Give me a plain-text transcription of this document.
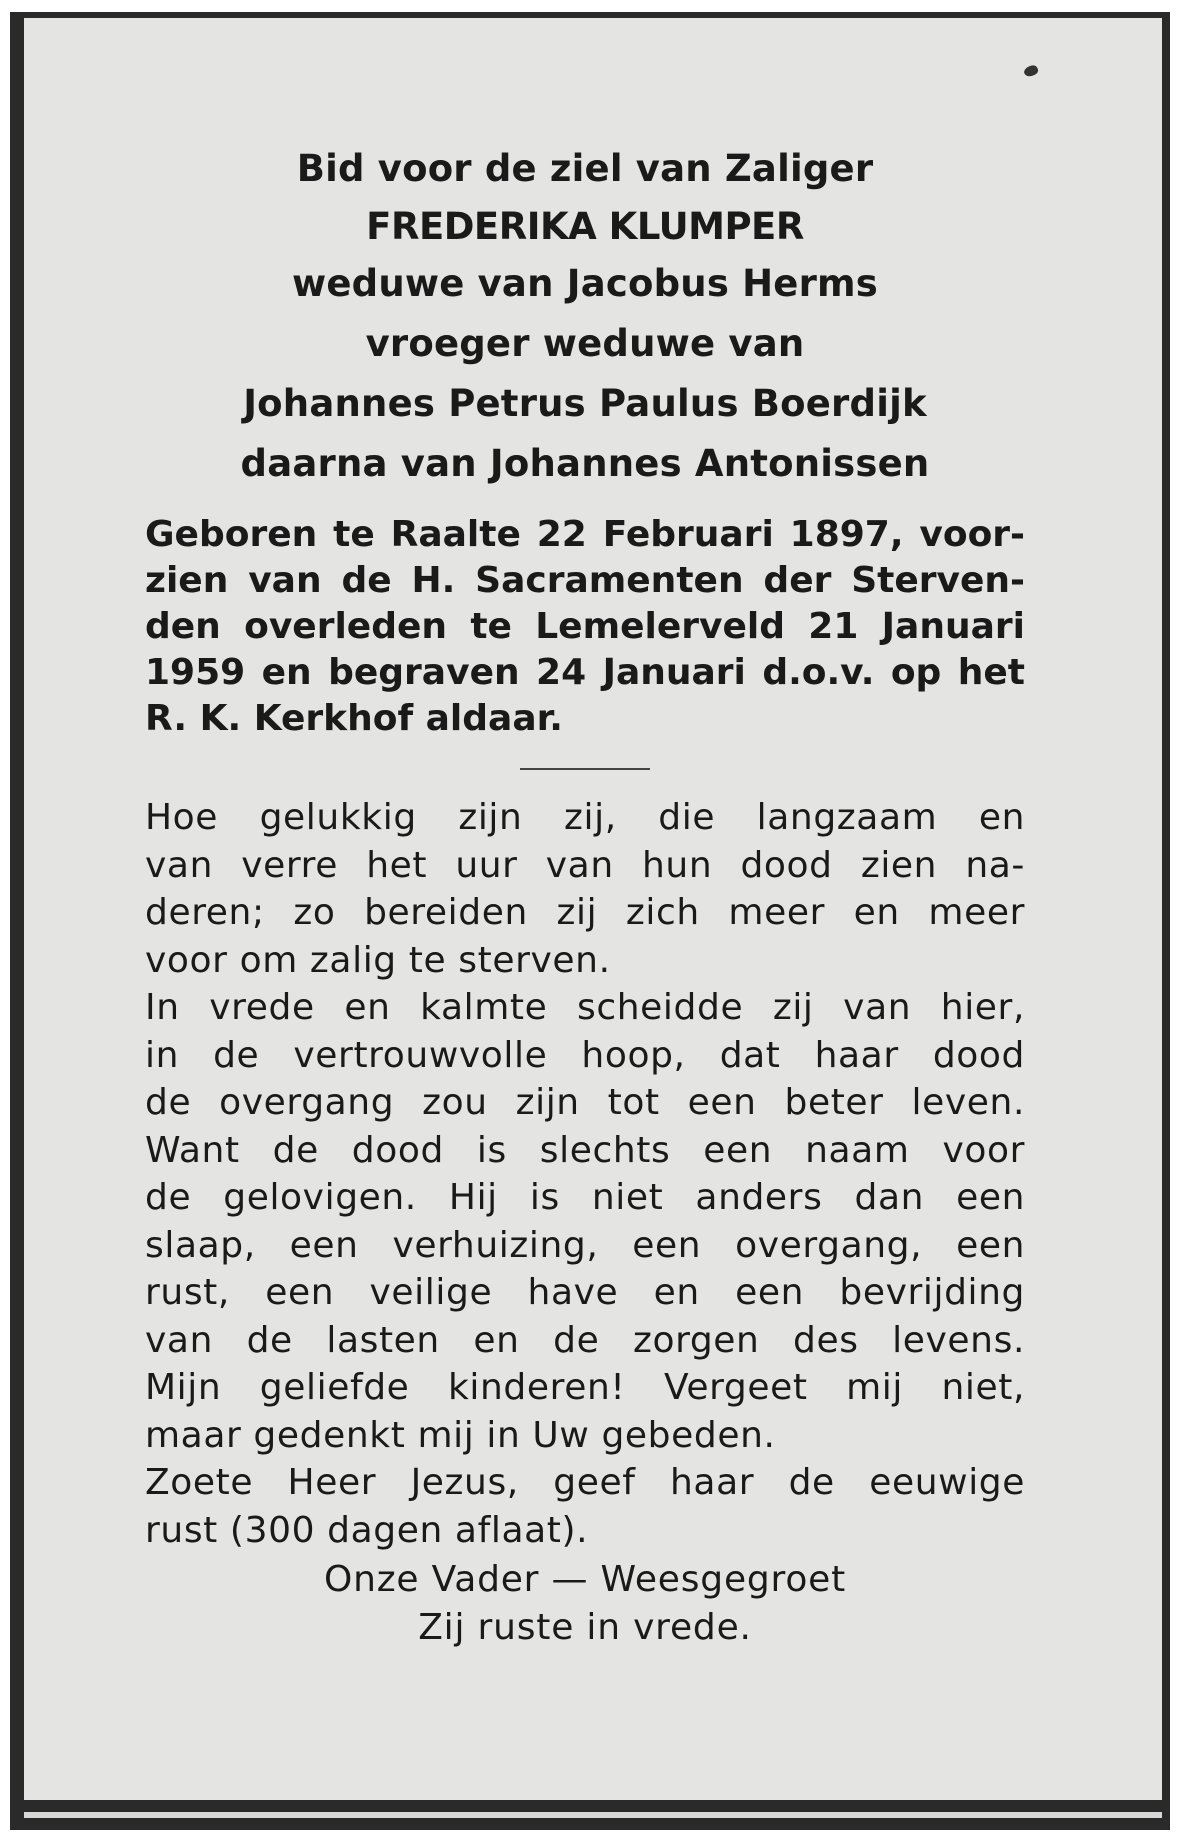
Bid voor de ziel van Zaliger
FREDERIKA KLUMPER
weduwe van Jacobus Herms
vroeger weduwe van
Johannes Petrus Paulus Boerdijk
daarna van Johannes Antonissen
Geboren te Raalte 22 Februari 1897, voor-
zien van de H. Sacramenten der Sterven-
den overleden te Lemelerveld 21 Januari
1959 en begraven 24 Januari d.o.v. op het
R. K. Kerkhof aldaar.
Hoe gelukkig zijn zij, die langzaam en
van verre het uur van hun dood zien na-
deren; zo bereiden zij zich meer en meer
voor om zalig te sterven.
In vrede en kalmte scheidde zij van hier,
in de vertrouwvolle hoop, dat haar dood
de overgang zou zijn tot een beter leven.
Want de dood is slechts een naam voor
de gelovigen. Hij is niet anders dan een
slaap, een verhuizing, een overgang, een
rust, een veilige have en een bevrijding
van de lasten en de zorgen des levens.
Mijn geliefde kinderen! Vergeet mij niet,
maar gedenkt mij in Uw gebeden.
Zoete Heer Jezus, geef haar de eeuwige
rust (300 dagen aflaat).
Onze Vader — Weesgegroet
Zij ruste in vrede.
